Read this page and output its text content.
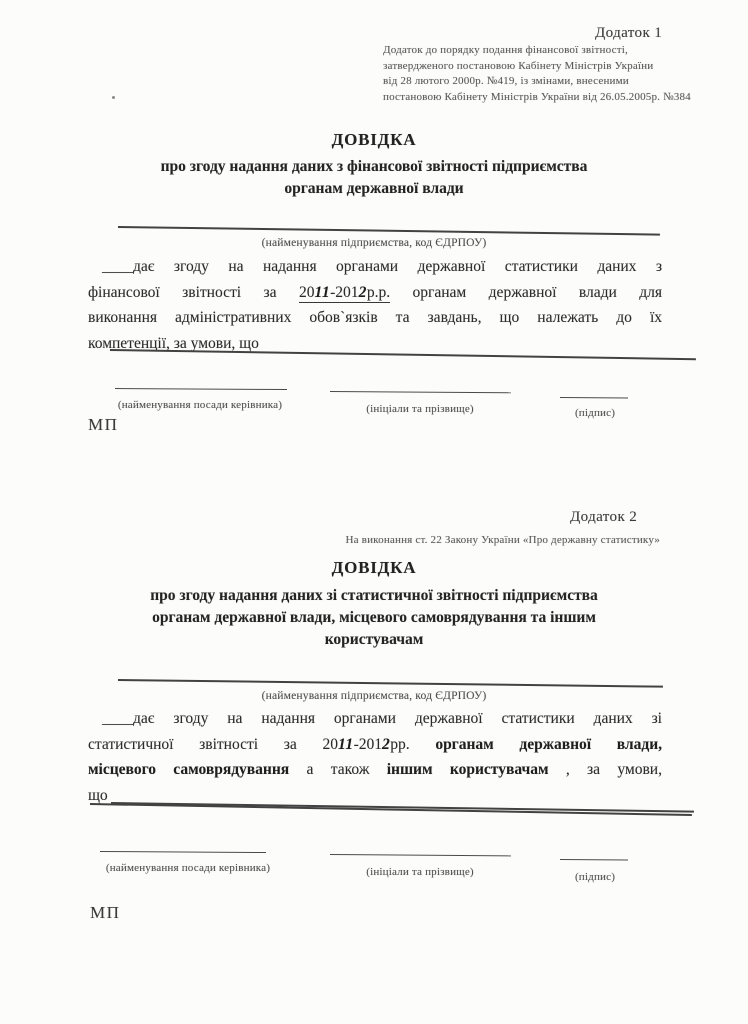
Додаток 1
Додаток до порядку подання фінансової звітності,
затвердженого постановою Кабінету Міністрів України
від 28 лютого 2000р. №419, із змінами, внесеними
постановою Кабінету Міністрів України від 26.05.2005р. №384
ДОВІДКА
про згоду надання даних з фінансової звітності підприємства
органам державної влади
(найменування підприємства, код ЄДРПОУ)
____дає згоду на надання органами державної статистики даних з
фінансової звітності за 2011-2012р.р. органам державної влади для
виконання адміністративних обов`язків та завдань, що належать до їх
компетенції, за умови, що
(найменування посади керівника)	(ініціали та прізвище)	(підпис)
МП
Додаток 2
На виконання ст. 22 Закону України «Про державну статистику»
ДОВІДКА
про згоду надання даних зі статистичної звітності підприємства
органам державної влади, місцевого самоврядування та іншим
користувачам
(найменування підприємства, код ЄДРПОУ)
____дає згоду на надання органами державної статистики даних зі
статистичної звітності за 2011-2012рр. органам державної влади,
місцевого самоврядування а також іншим користувачам , за умови,
що
(найменування посади керівника)	(ініціали та прізвище)	(підпис)
МП
